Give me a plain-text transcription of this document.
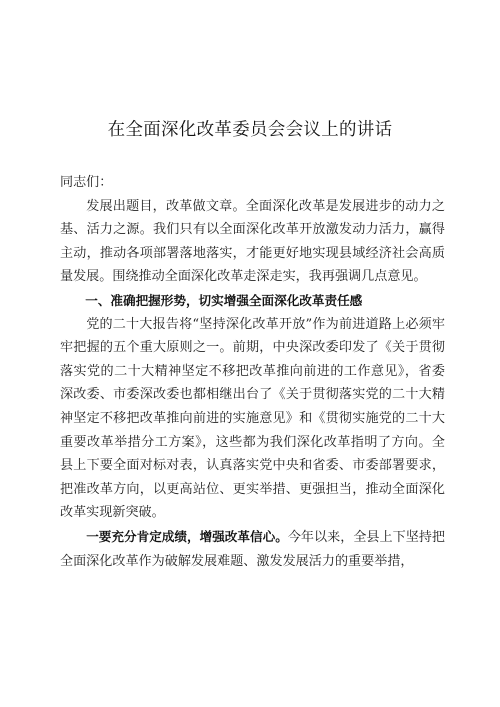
在全面深化改革委员会会议上的讲话

同志们：

发展出题目，改革做文章。全面深化改革是发展进步的动力之基、活力之源。我们只有以全面深化改革开放激发动力活力，赢得主动，推动各项部署落地落实，才能更好地实现县域经济社会高质量发展。围绕推动全面深化改革走深走实，我再强调几点意见。

一、准确把握形势，切实增强全面深化改革责任感

党的二十大报告将“坚持深化改革开放”作为前进道路上必须牢牢把握的五个重大原则之一。前期，中央深改委印发了《关于贯彻落实党的二十大精神坚定不移把改革推向前进的工作意见》，省委深改委、市委深改委也都相继出台了《关于贯彻落实党的二十大精神坚定不移把改革推向前进的实施意见》和《贯彻实施党的二十大重要改革举措分工方案》，这些都为我们深化改革指明了方向。全县上下要全面对标对表，认真落实党中央和省委、市委部署要求，把准改革方向，以更高站位、更实举措、更强担当，推动全面深化改革实现新突破。

一要充分肯定成绩，增强改革信心。今年以来，全县上下坚持把全面深化改革作为破解发展难题、激发发展活力的重要举措，
